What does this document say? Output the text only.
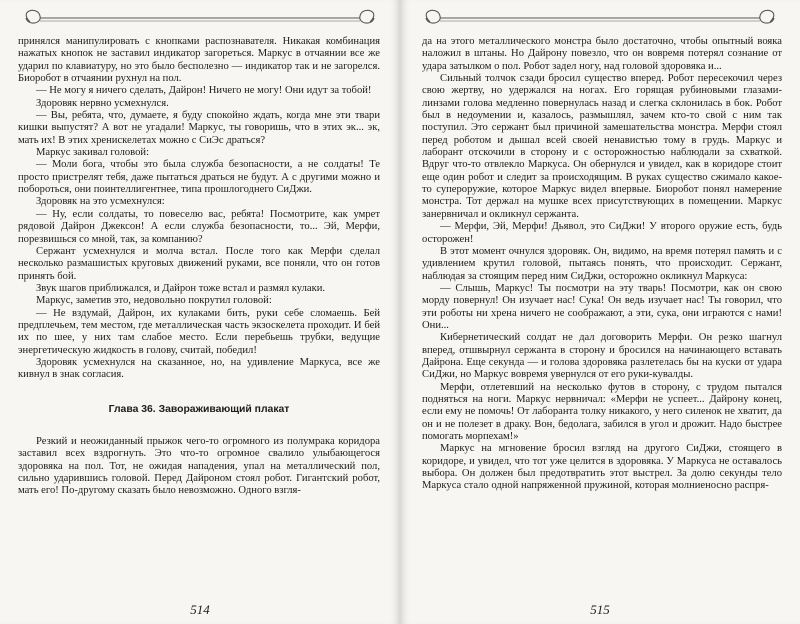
принялся манипулировать с кнопками распознавателя. Никакая комбинация нажатых кнопок не заставил индикатор загореться. Маркус в отчаянии все же ударил по клавиатуру, но это было бесполезно — индикатор так и не загорелся. Биоробот в отчаянии рухнул на пол.

— Не могу я ничего сделать, Дайрон! Ничего не могу! Они идут за тобой!

Здоровяк нервно усмехнулся.

— Вы, ребята, что, думаете, я буду спокойно ждать, когда мне эти твари кишки выпустят? А вот не угадали! Маркус, ты говоришь, что в этих эк... эк, мать их! В этих хренискелетах можно с СиЭс драться?

Маркус закивал головой:

— Моли бога, чтобы это была служба безопасности, а не солдаты! Те просто пристрелят тебя, даже пытаться драться не будут. А с другими можно и побороться, они поинтеллигентнее, типа прошлогоднего СиДжи.

Здоровяк на это усмехнулся:

— Ну, если солдаты, то повеселю вас, ребята! Посмотрите, как умрет рядовой Дайрон Джексон! А если служба безопасности, то... Эй, Мерфи, порезвишься со мной, так, за компанию?

Сержант усмехнулся и молча встал. После того как Мерфи сделал несколько размашистых круговых движений руками, все поняли, что он готов принять бой.

Звук шагов приближался, и Дайрон тоже встал и размял кулаки.

Маркус, заметив это, недовольно покрутил головой:

— Не вздумай, Дайрон, их кулаками бить, руки себе сломаешь. Бей предплечьем, тем местом, где металлическая часть экзоскелета проходит. И бей их по шее, у них там слабое место. Если перебьешь трубки, ведущие энергетическую жидкость в голову, считай, победил!

Здоровяк усмехнулся на сказанное, но, на удивление Маркуса, все же кивнул в знак согласия.

Глава 36. Завораживающий плакат

Резкий и неожиданный прыжок чего-то огромного из полумрака коридора заставил всех вздрогнуть. Это что-то огромное свалило улыбающегося здоровяка на пол. Тот, не ожидая нападения, упал на металлический пол, сильно ударившись головой. Перед Дайроном стоял робот. Гигантский робот, мать его! По-другому сказать было невозможно. Одного взгля-

514

да на этого металлического монстра было достаточно, чтобы опытный вояка наложил в штаны. Но Дайрону повезло, что он вовремя потерял сознание от удара затылком о пол. Робот задел ногу, над головой здоровяка и...

Сильный толчок сзади бросил существо вперед. Робот пересекочил через свою жертву, но удержался на ногах. Его горящая рубиновыми глазами-линзами голова медленно повернулась назад и слегка склонилась в бок. Робот был в недоумении и, казалось, размышлял, зачем кто-то свой с ним так поступил. Это сержант был причиной замешательства монстра. Мерфи стоял перед роботом и дышал всей своей ненавистью тому в грудь. Маркус и лаборант отскочили в сторону и с осторожностью наблюдали за схваткой. Вдруг что-то отвлекло Маркуса. Он обернулся и увидел, как в коридоре стоит еще один робот и следит за происходящим. В руках существо сжимало какое-то супероружие, которое Маркус видел впервые. Биоробот понял намерение монстра. Тот держал на мушке всех присутствующих в помещении. Маркус занервничал и окликнул сержанта.

— Мерфи, Эй, Мерфи! Дьявол, это СиДжи! У второго оружие есть, будь осторожен!

В этот момент очнулся здоровяк. Он, видимо, на время потерял память и с удивлением крутил головой, пытаясь понять, что происходит. Сержант, наблюдая за стоящим перед ним СиДжи, осторожно окликнул Маркуса:

— Слышь, Маркус! Ты посмотри на эту тварь! Посмотри, как он свою морду повернул! Он изучает нас! Сука! Он ведь изучает нас! Ты говорил, что эти роботы ни хрена ничего не соображают, а эти, сука, они играются с нами! Они...

Кибернетический солдат не дал договорить Мерфи. Он резко шагнул вперед, отшвырнул сержанта в сторону и бросился на начинающего вставать Дайрона. Еще секунда — и голова здоровяка разлетелась бы на куски от удара СиДжи, но Маркус вовремя увернулся от его руки-кувалды.

Мерфи, отлетевший на несколько футов в сторону, с трудом пытался подняться на ноги. Маркус нервничал: «Мерфи не успеет... Дайрону конец, если ему не помочь! От лаборанта толку никакого, у него силенок не хватит, да он и не полезет в драку. Вон, бедолага, забился в угол и дрожит. Надо быстрее помогать морпехам!»

Маркус на мгновение бросил взгляд на другого СиДжи, стоящего в коридоре, и увидел, что тот уже целится в здоровяка. У Маркуса не оставалось выбора. Он должен был предотвратить этот выстрел. За долю секунды тело Маркуса стало одной напряженной пружиной, которая молниеносно распря-

515
